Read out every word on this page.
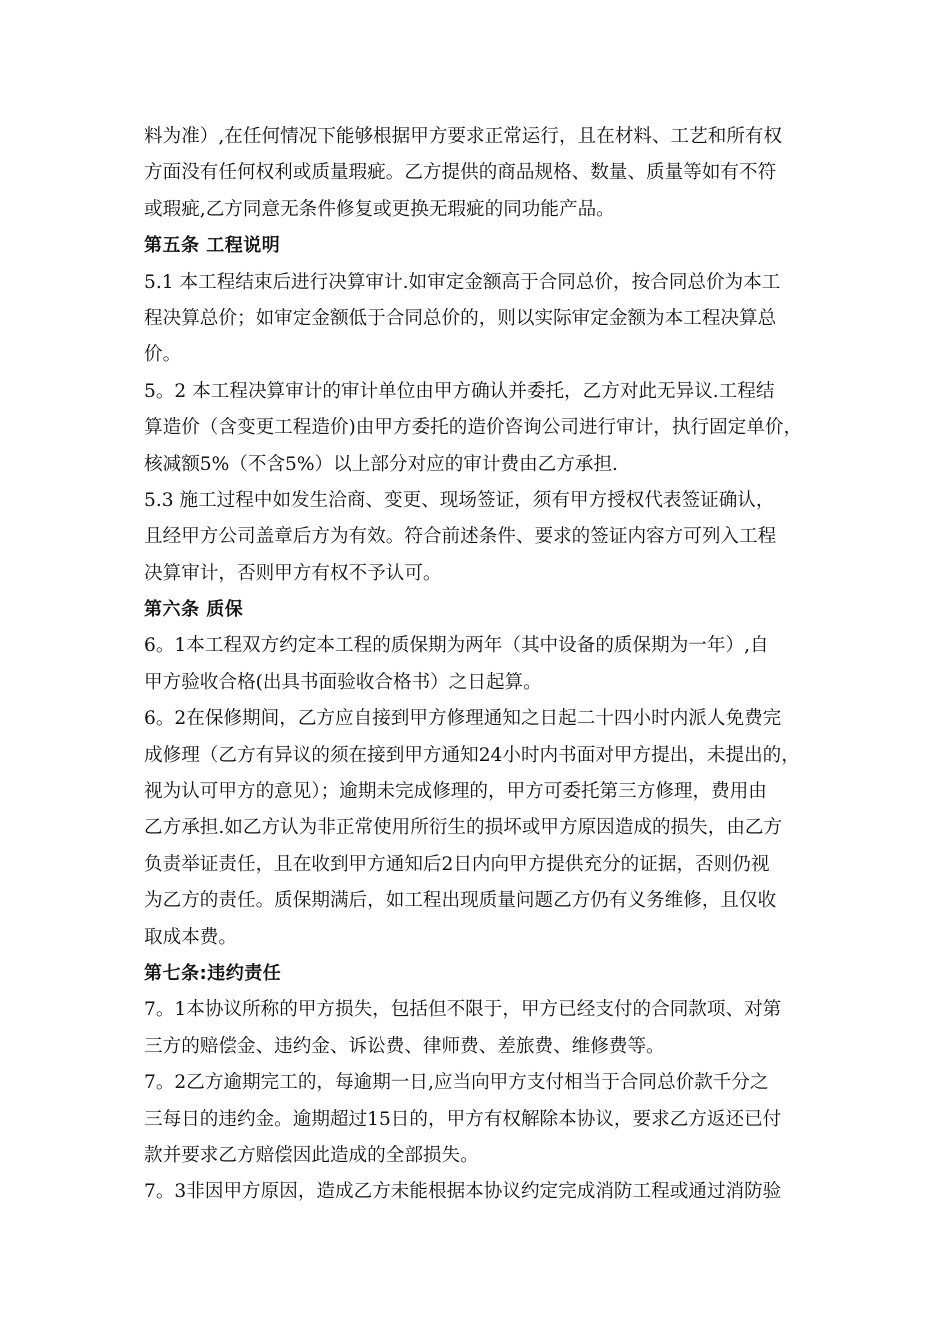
料为准）,在任何情况下能够根据甲方要求正常运行，且在材料、工艺和所有权
方面没有任何权利或质量瑕疵。乙方提供的商品规格、数量、质量等如有不符
或瑕疵,乙方同意无条件修复或更换无瑕疵的同功能产品。
第五条 工程说明
5.1 本工程结束后进行决算审计.如审定金额高于合同总价，按合同总价为本工
程决算总价；如审定金额低于合同总价的，则以实际审定金额为本工程决算总
价。
5。2 本工程决算审计的审计单位由甲方确认并委托，乙方对此无异议.工程结
算造价（含变更工程造价)由甲方委托的造价咨询公司进行审计，执行固定单价，
核减额5%（不含5%）以上部分对应的审计费由乙方承担.
5.3 施工过程中如发生洽商、变更、现场签证，须有甲方授权代表签证确认，
且经甲方公司盖章后方为有效。符合前述条件、要求的签证内容方可列入工程
决算审计，否则甲方有权不予认可。
第六条 质保
6。1本工程双方约定本工程的质保期为两年（其中设备的质保期为一年）,自
甲方验收合格(出具书面验收合格书）之日起算。
6。2在保修期间，乙方应自接到甲方修理通知之日起二十四小时内派人免费完
成修理（乙方有异议的须在接到甲方通知24小时内书面对甲方提出，未提出的，
视为认可甲方的意见）；逾期未完成修理的，甲方可委托第三方修理，费用由
乙方承担.如乙方认为非正常使用所衍生的损坏或甲方原因造成的损失，由乙方
负责举证责任，且在收到甲方通知后2日内向甲方提供充分的证据，否则仍视
为乙方的责任。质保期满后，如工程出现质量问题乙方仍有义务维修，且仅收
取成本费。
第七条:违约责任
7。1本协议所称的甲方损失，包括但不限于，甲方已经支付的合同款项、对第
三方的赔偿金、违约金、诉讼费、律师费、差旅费、维修费等。
7。2乙方逾期完工的，每逾期一日,应当向甲方支付相当于合同总价款千分之
三每日的违约金。逾期超过15日的，甲方有权解除本协议，要求乙方返还已付
款并要求乙方赔偿因此造成的全部损失。
7。3非因甲方原因，造成乙方未能根据本协议约定完成消防工程或通过消防验
